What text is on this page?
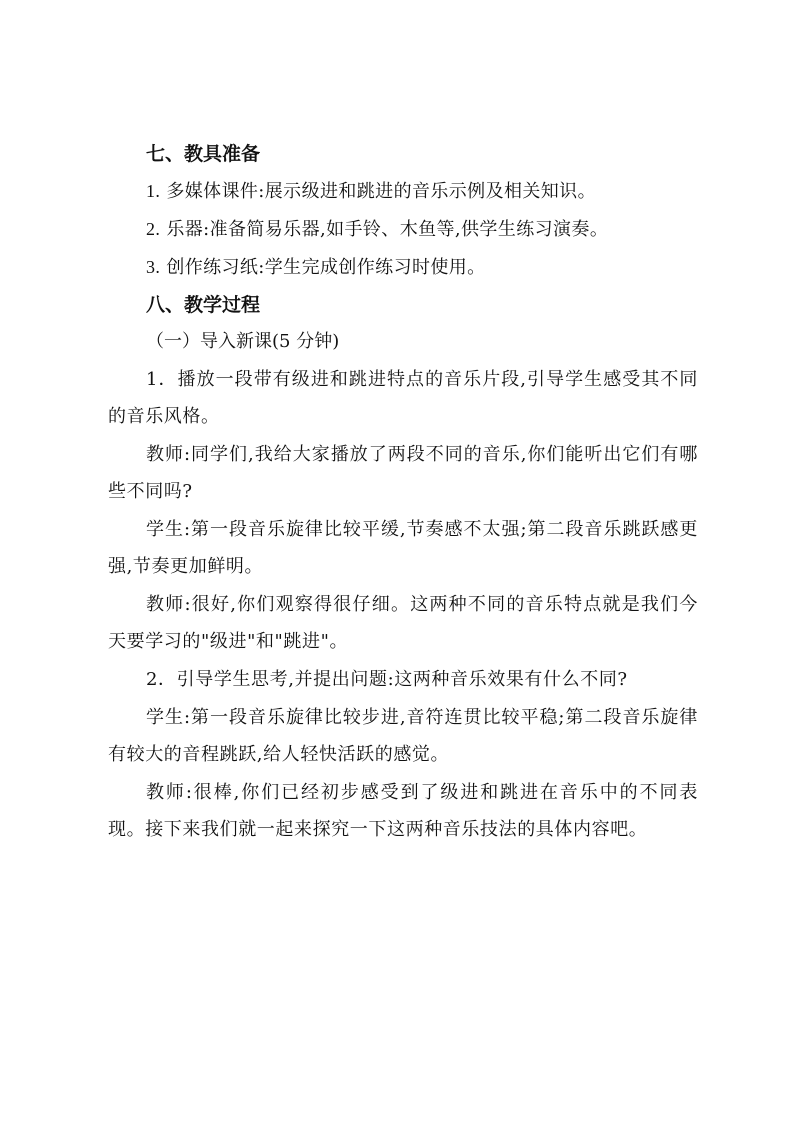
七、教具准备

1. 多媒体课件:展示级进和跳进的音乐示例及相关知识。

2. 乐器:准备简易乐器,如手铃、木鱼等,供学生练习演奏。

3. 创作练习纸:学生完成创作练习时使用。

八、教学过程

（一）导入新课(5 分钟)

1．播放一段带有级进和跳进特点的音乐片段,引导学生感受其不同的音乐风格。

教师:同学们,我给大家播放了两段不同的音乐,你们能听出它们有哪些不同吗?

学生:第一段音乐旋律比较平缓,节奏感不太强;第二段音乐跳跃感更强,节奏更加鲜明。

教师:很好,你们观察得很仔细。这两种不同的音乐特点就是我们今天要学习的"级进"和"跳进"。

2．引导学生思考,并提出问题:这两种音乐效果有什么不同?

学生:第一段音乐旋律比较步进,音符连贯比较平稳;第二段音乐旋律有较大的音程跳跃,给人轻快活跃的感觉。

教师:很棒,你们已经初步感受到了级进和跳进在音乐中的不同表现。接下来我们就一起来探究一下这两种音乐技法的具体内容吧。
